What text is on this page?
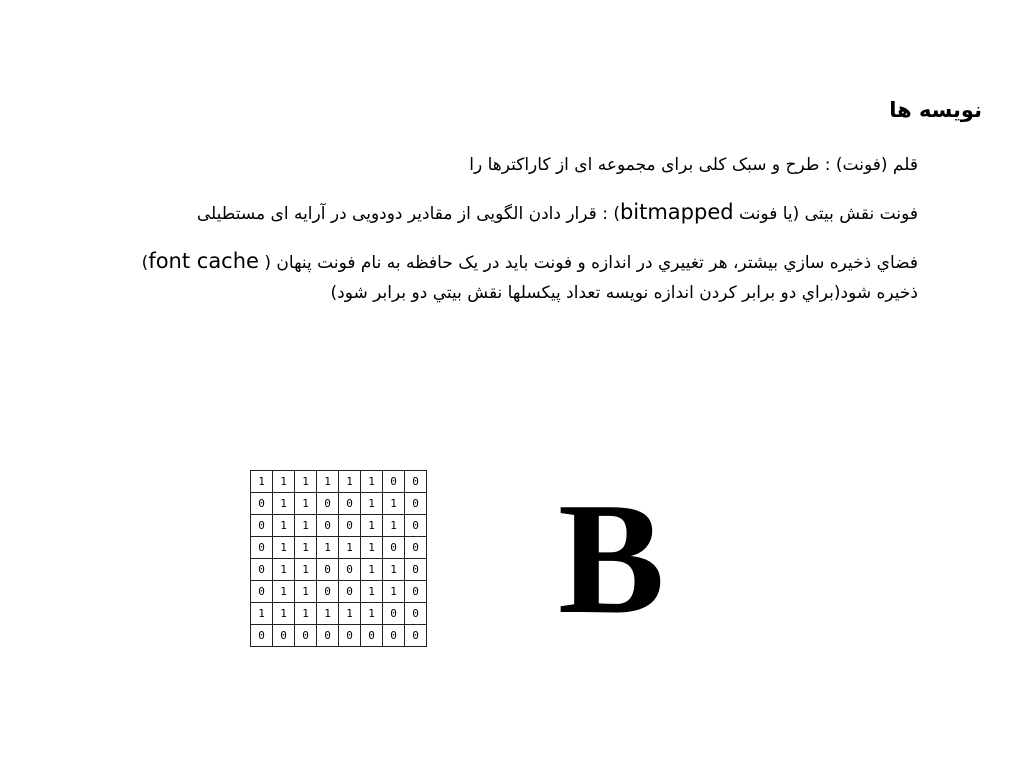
نویسه ها

قلم (فونت) : طرح و سبک کلی برای مجموعه ای از کاراکترها را

فونت نقش بیتی (یا فونت bitmapped) : قرار دادن الگویی از مقادیر دودویی در آرایه ای مستطیلی

فضاي ذخیره سازي بیشتر، هر تغییري در اندازه و فونت باید در یک حافظه به نام فونت پنهان ( font cache) ذخیره شود(براي دو برابر کردن اندازه نویسه تعداد پیکسلها نقش بیتي دو برابر شود)

1	1	1	1	1	1	0	0
0	1	1	0	0	1	1	0
0	1	1	0	0	1	1	0
0	1	1	1	1	1	0	0
0	1	1	0	0	1	1	0
0	1	1	0	0	1	1	0
1	1	1	1	1	1	0	0
0	0	0	0	0	0	0	0 B
